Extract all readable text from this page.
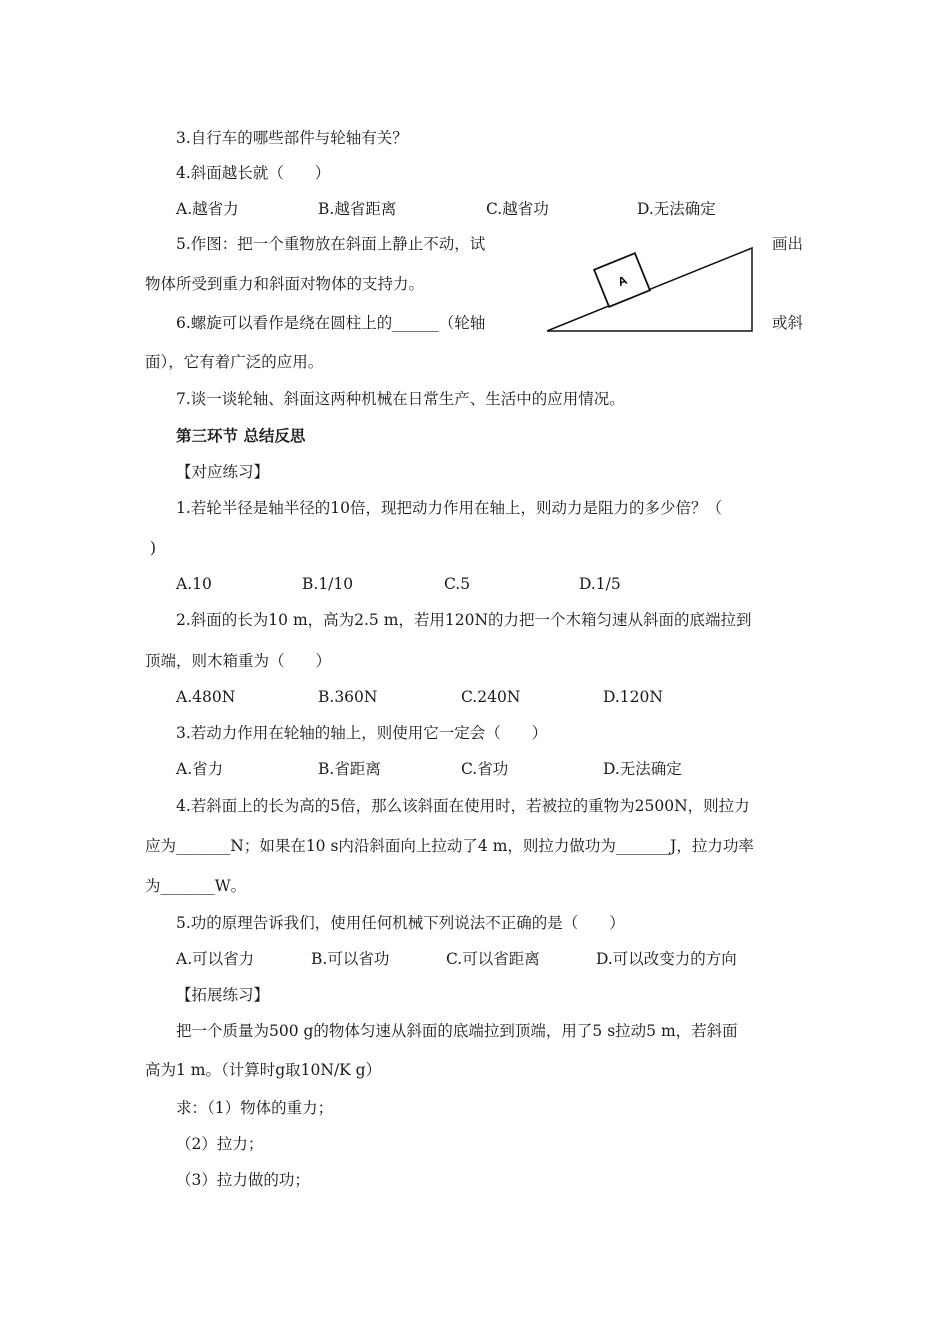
3.自行车的哪些部件与轮轴有关？
4.斜面越长就（　　）
A.越省力	B.越省距离	C.越省功	D.无法确定
5.作图：把一个重物放在斜面上静止不动，试	画出
物体所受到重力和斜面对物体的支持力。
6.螺旋可以看作是绕在圆柱上的______（轮轴	或斜
面），它有着广泛的应用。
7.谈一谈轮轴、斜面这两种机械在日常生产、生活中的应用情况。
A
第三环节 总结反思
【对应练习】
1.若轮半径是轴半径的10倍，现把动力作用在轴上，则动力是阻力的多少倍？（
)
A.10	B.1/10	C.5	D.1/5
2.斜面的长为10 m，高为2.5 m，若用120N的力把一个木箱匀速从斜面的底端拉到
顶端，则木箱重为（　　）
A.480N	B.360N	C.240N	D.120N
3.若动力作用在轮轴的轴上，则使用它一定会（　　）
A.省力	B.省距离	C.省功	D.无法确定
4.若斜面上的长为高的5倍，那么该斜面在使用时，若被拉的重物为2500N，则拉力
应为_______N；如果在10 s内沿斜面向上拉动了4 m，则拉力做功为_______J，拉力功率
为_______W。
5.功的原理告诉我们，使用任何机械下列说法不正确的是（　　）
A.可以省力	B.可以省功	C.可以省距离	D.可以改变力的方向
【拓展练习】
把一个质量为500 g的物体匀速从斜面的底端拉到顶端，用了5 s拉动5 m，若斜面
高为1 m。（计算时g取10N/K g）
求：（1）物体的重力；
（2）拉力；
（3）拉力做的功；
